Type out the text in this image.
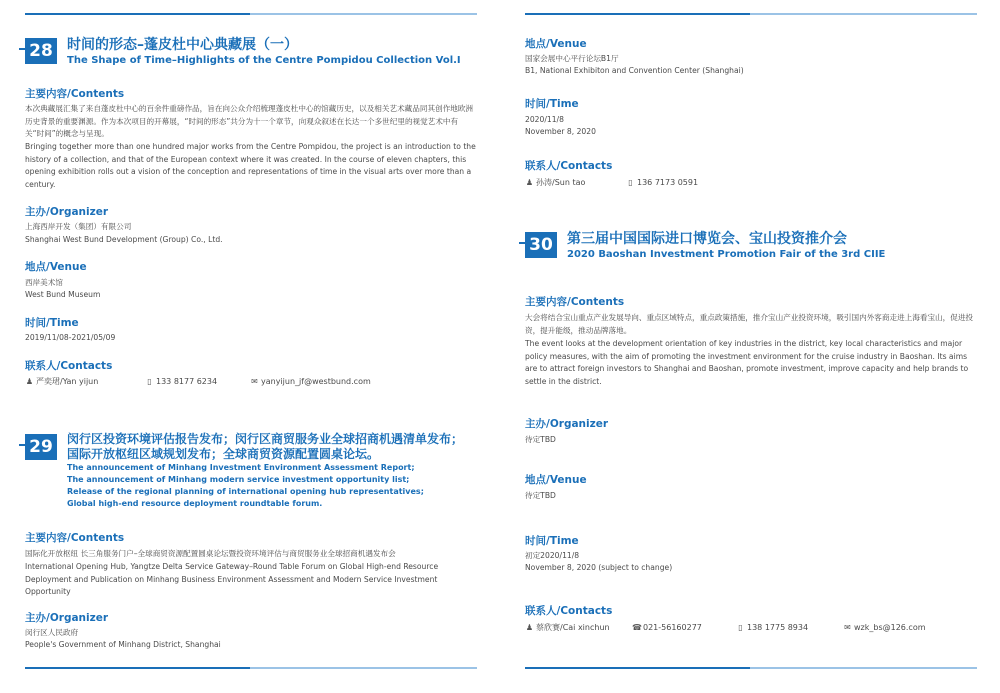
28 时间的形态–蓬皮杜中心典藏展（一）

The Shape of Time–Highlights of the Centre Pompidou Collection Vol.I

主要内容/Contents

本次典藏展汇集了来自蓬皮杜中心的百余件重磅作品，旨在向公众介绍梳理蓬皮杜中心的馆藏历史，以及相关艺术藏品同其创作地欧洲历史背景的重要渊源。作为本次项目的开幕展，“时间的形态”共分为十一个章节，向观众叙述在长达一个多世纪里的视觉艺术中有关“时间”的概念与呈现。

Bringing together more than one hundred major works from the Centre Pompidou, the project is an introduction to the history of a collection, and that of the European context where it was created. In the course of eleven chapters, this opening exhibition rolls out a vision of the conception and representations of time in the visual arts over more than a century.

主办/Organizer

上海西岸开发（集团）有限公司

Shanghai West Bund Development (Group) Co., Ltd.

地点/Venue

西岸美术馆

West Bund Museum

时间/Time

2019/11/08-2021/05/09

联系人/Contacts
♟ 严奕珺/Yan yijun	▯ 133 8177 6234	✉ yanyijun_jf@westbund.com
29	闵行区投资环境评估报告发布；闵行区商贸服务业全球招商机遇清单发布；

国际开放枢纽区域规划发布；全球商贸资源配置圆桌论坛。

The announcement of Minhang Investment Environment Assessment Report;

The announcement of Minhang modern service investment opportunity list;

Release of the regional planning of international opening hub representatives;

Global high-end resource deployment roundtable forum.

主要内容/Contents

国际化开放枢纽 长三角服务门户–全球商贸资源配置圆桌论坛暨投资环境评估与商贸服务业全球招商机遇发布会

International Opening Hub, Yangtze Delta Service Gateway–Round Table Forum on Global High-end Resource Deployment and Publication on Minhang Business Environment Assessment and Modern Service Investment Opportunity

主办/Organizer

闵行区人民政府

People's Government of Minhang District, Shanghai

地点/Venue

国家会展中心平行论坛B1厅

B1, National Exhibiton and Convention Center (Shanghai)

时间/Time

2020/11/8

November 8, 2020

联系人/Contacts
♟ 孙涛/Sun tao	▯ 136 7173 0591
30 第三届中国国际进口博览会、宝山投资推介会

2020 Baoshan Investment Promotion Fair of the 3rd CIIE

主要内容/Contents

大会将结合宝山重点产业发展导向、重点区域特点，重点政策措施，推介宝山产业投资环境，吸引国内外客商走进上海看宝山，促进投资，提升能级，推动品牌落地。

The event looks at the development orientation of key industries in the district, key local characteristics and major policy measures, with the aim of promoting the investment environment for the cruise industry in Baoshan. Its aims are to attract foreign investors to Shanghai and Baoshan, promote investment, improve capacity and help brands to settle in the district.

主办/Organizer

待定TBD

地点/Venue

待定TBD

时间/Time

初定2020/11/8

November 8, 2020 (subject to change)

联系人/Contacts
♟ 蔡欣赛/Cai xinchun	☎021-56160277	▯ 138 1775 8934	✉ wzk_bs@126.com
